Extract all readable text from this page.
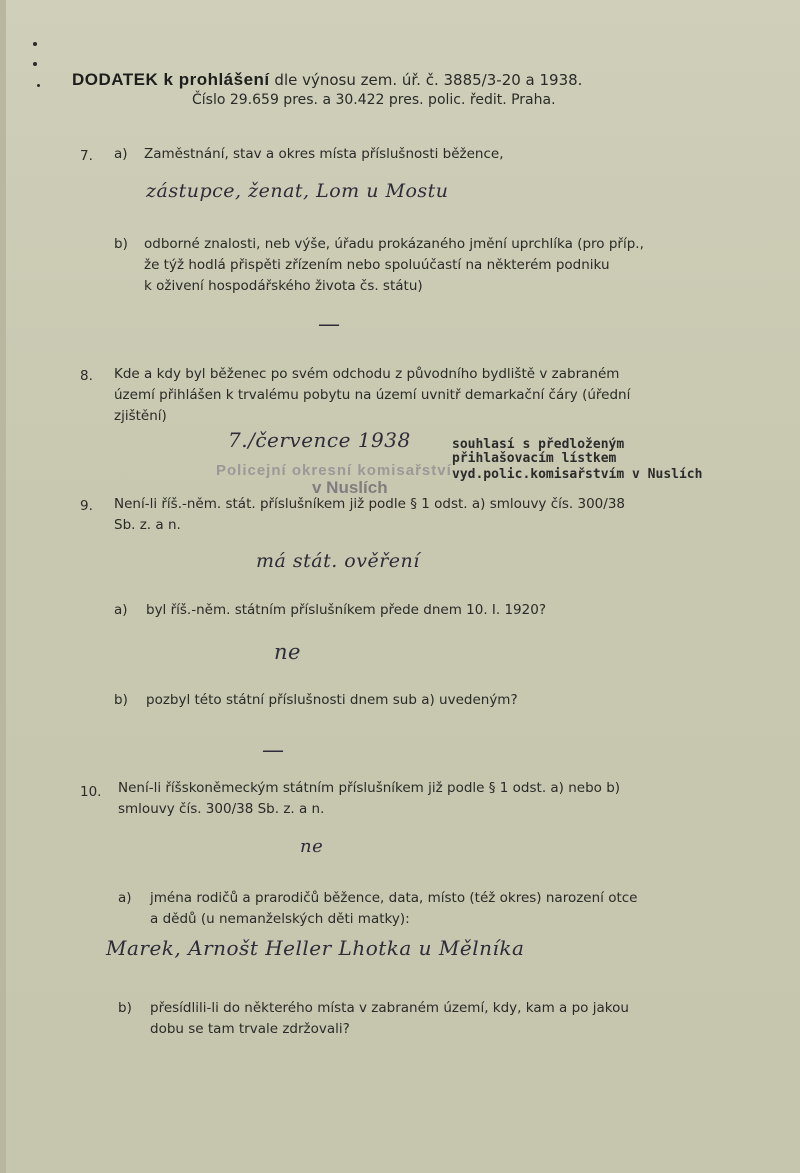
DODATEK k prohlášení dle výnosu zem. úř. č. 3885/3-20 a 1938.
Číslo 29.659 pres. a 30.422 pres. polic. ředit. Praha.
7. a) Zaměstnání, stav a okres místa příslušnosti běžence,
zástupce, ženat, Lom u Mostu
b) odborné znalosti, neb výše, úřadu prokázaného jmění uprchlíka (pro příp.,
že týž hodlá přispěti zřízením nebo spoluúčastí na některém podniku
k oživení hospodářského života čs. státu)
—
8. Kde a kdy byl běženec po svém odchodu z původního bydliště v zabraném
území přihlášen k trvalému pobytu na území uvnitř demarkační čáry (úřední
zjištění)
7./července 1938	souhlasí s předloženým
přihlašovacím lístkem
vyd.polic.komisařstvím v Nuslích
Policejní okresní komisařství
v Nuslích
9. Není-li říš.-něm. stát. příslušníkem již podle § 1 odst. a) smlouvy čís. 300/38
Sb. z. a n.
má stát. ověření
a) byl říš.-něm. státním příslušníkem přede dnem 10. I. 1920?
ne
b) pozbyl této státní příslušnosti dnem sub a) uvedeným?
—
10. Není-li říšskoněmeckým státním příslušníkem již podle § 1 odst. a) nebo b)
smlouvy čís. 300/38 Sb. z. a n.
ne
a) jména rodičů a prarodičů běžence, data, místo (též okres) narození otce
a dědů (u nemanželských děti matky):
Marek, Arnošt Heller Lhotka u Mělníka
b) přesídlili-li do některého místa v zabraném území, kdy, kam a po jakou
dobu se tam trvale zdržovali?
